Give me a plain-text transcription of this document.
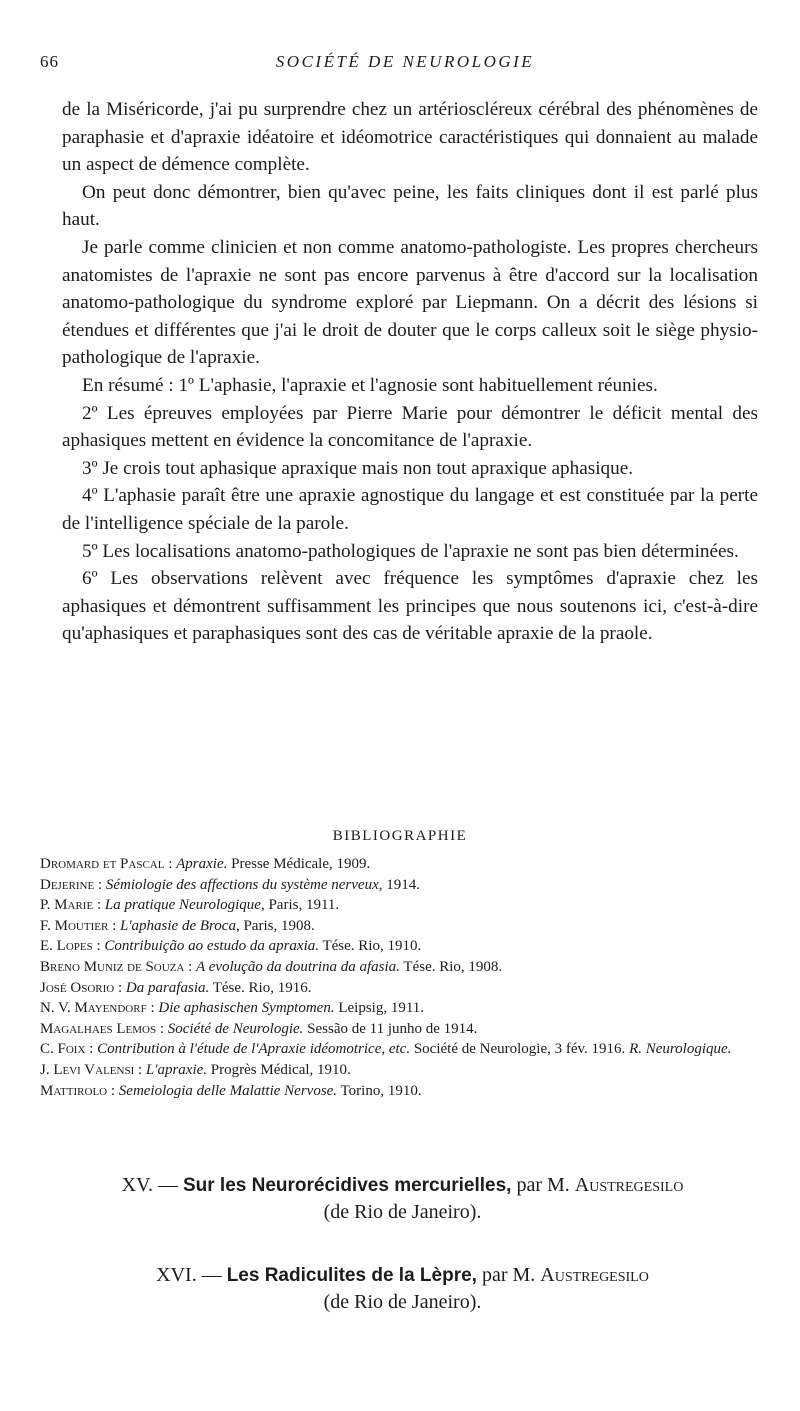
66	SOCIÉTÉ DE NEUROLOGIE

de la Miséricorde, j'ai pu surprendre chez un artérioscléreux cérébral des phénomènes de paraphasie et d'apraxie idéatoire et idéomotrice caractéristiques qui donnaient au malade un aspect de démence complète.

On peut donc démontrer, bien qu'avec peine, les faits cliniques dont il est parlé plus haut.

Je parle comme clinicien et non comme anatomo-pathologiste. Les propres chercheurs anatomistes de l'apraxie ne sont pas encore parvenus à être d'accord sur la localisation anatomo-pathologique du syndrome exploré par Liepmann. On a décrit des lésions si étendues et différentes que j'ai le droit de douter que le corps calleux soit le siège physio-pathologique de l'apraxie.

En résumé : 1º L'aphasie, l'apraxie et l'agnosie sont habituellement réunies.

2º Les épreuves employées par Pierre Marie pour démontrer le déficit mental des aphasiques mettent en évidence la concomitance de l'apraxie.

3º Je crois tout aphasique apraxique mais non tout apraxique aphasique.

4º L'aphasie paraît être une apraxie agnostique du langage et est constituée par la perte de l'intelligence spéciale de la parole.

5º Les localisations anatomo-pathologiques de l'apraxie ne sont pas bien déterminées.

6º Les observations relèvent avec fréquence les symptômes d'apraxie chez les aphasiques et démontrent suffisamment les principes que nous soutenons ici, c'est-à-dire qu'aphasiques et paraphasiques sont des cas de véritable apraxie de la praole.

BIBLIOGRAPHIE

Dromard et Pascal : Apraxie. Presse Médicale, 1909.

Dejerine : Sémiologie des affections du système nerveux, 1914.

P. Marie : La pratique Neurologique, Paris, 1911.

F. Moutier : L'aphasie de Broca, Paris, 1908.

E. Lopes : Contribuição ao estudo da apraxia. Tése. Rio, 1910.

Breno Muniz de Souza : A evolução da doutrina da afasia. Tése. Rio, 1908.

José Osorio : Da parafasia. Tése. Rio, 1916.

N. V. Mayendorf : Die aphasischen Symptomen. Leipsig, 1911.

Magalhaes Lemos : Société de Neurologie. Sessão de 11 junho de 1914.

C. Foix : Contribution à l'étude de l'Apraxie idéomotrice, etc. Société de Neurologie, 3 fév. 1916. R. Neurologique.

J. Levi Valensi : L'apraxie. Progrès Médical, 1910.

Mattirolo : Semeiologia delle Malattie Nervose. Torino, 1910.

XV. — Sur les Neurorécidives mercurielles, par M. Austregesilo
(de Rio de Janeiro).
XVI. — Les Radiculites de la Lèpre, par M. Austregesilo
(de Rio de Janeiro).
